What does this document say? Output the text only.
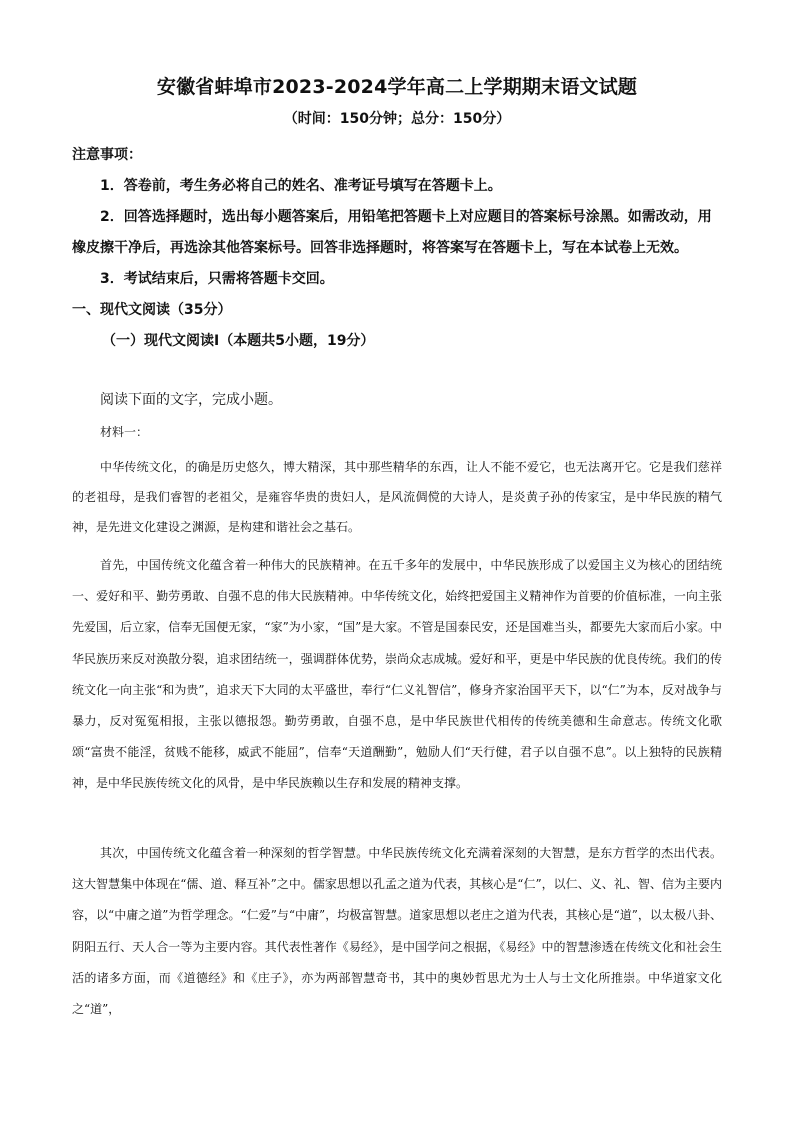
安徽省蚌埠市2023-2024学年高二上学期期末语文试题
（时间：150分钟；总分：150分）

注意事项：

1．答卷前，考生务必将自己的姓名、准考证号填写在答题卡上。

2．回答选择题时，选出每小题答案后，用铅笔把答题卡上对应题目的答案标号涂黑。如需改动，用橡皮擦干净后，再选涂其他答案标号。回答非选择题时，将答案写在答题卡上，写在本试卷上无效。

3．考试结束后，只需将答题卡交回。

一、现代文阅读（35分）

（一）现代文阅读Ⅰ（本题共5小题，19分）

阅读下面的文字，完成小题。
材料一：

中华传统文化，的确是历史悠久，博大精深，其中那些精华的东西，让人不能不爱它，也无法离开它。它是我们慈祥的老祖母，是我们睿智的老祖父，是雍容华贵的贵妇人，是风流倜傥的大诗人，是炎黄子孙的传家宝，是中华民族的精气神，是先进文化建设之渊源，是构建和谐社会之基石。

首先，中国传统文化蕴含着一种伟大的民族精神。在五千多年的发展中，中华民族形成了以爱国主义为核心的团结统一、爱好和平、勤劳勇敢、自强不息的伟大民族精神。中华传统文化，始终把爱国主义精神作为首要的价值标准，一向主张先爱国，后立家，信奉无国便无家，“家”为小家，“国”是大家。不管是国泰民安，还是国难当头，都要先大家而后小家。中华民族历来反对涣散分裂，追求团结统一，强调群体优势，崇尚众志成城。爱好和平，更是中华民族的优良传统。我们的传统文化一向主张“和为贵”，追求天下大同的太平盛世，奉行“仁义礼智信”，修身齐家治国平天下，以“仁”为本，反对战争与暴力，反对冤冤相报，主张以德报怨。勤劳勇敢，自强不息，是中华民族世代相传的传统美德和生命意志。传统文化歌颂“富贵不能淫，贫贱不能移，威武不能屈”，信奉“天道酬勤”，勉励人们“天行健，君子以自强不息”。以上独特的民族精神，是中华民族传统文化的风骨，是中华民族赖以生存和发展的精神支撑。

其次，中国传统文化蕴含着一种深刻的哲学智慧。中华民族传统文化充满着深刻的大智慧，是东方哲学的杰出代表。这大智慧集中体现在“儒、道、释互补”之中。儒家思想以孔孟之道为代表，其核心是“仁”，以仁、义、礼、智、信为主要内容，以“中庸之道”为哲学理念。“仁爱”与“中庸”，均极富智慧。道家思想以老庄之道为代表，其核心是“道”，以太极八卦、阴阳五行、天人合一等为主要内容。其代表性著作《易经》，是中国学问之根据，《易经》中的智慧渗透在传统文化和社会生活的诸多方面，而《道德经》和《庄子》，亦为两部智慧奇书，其中的奥妙哲思尤为士人与士文化所推崇。中华道家文化之“道”，
